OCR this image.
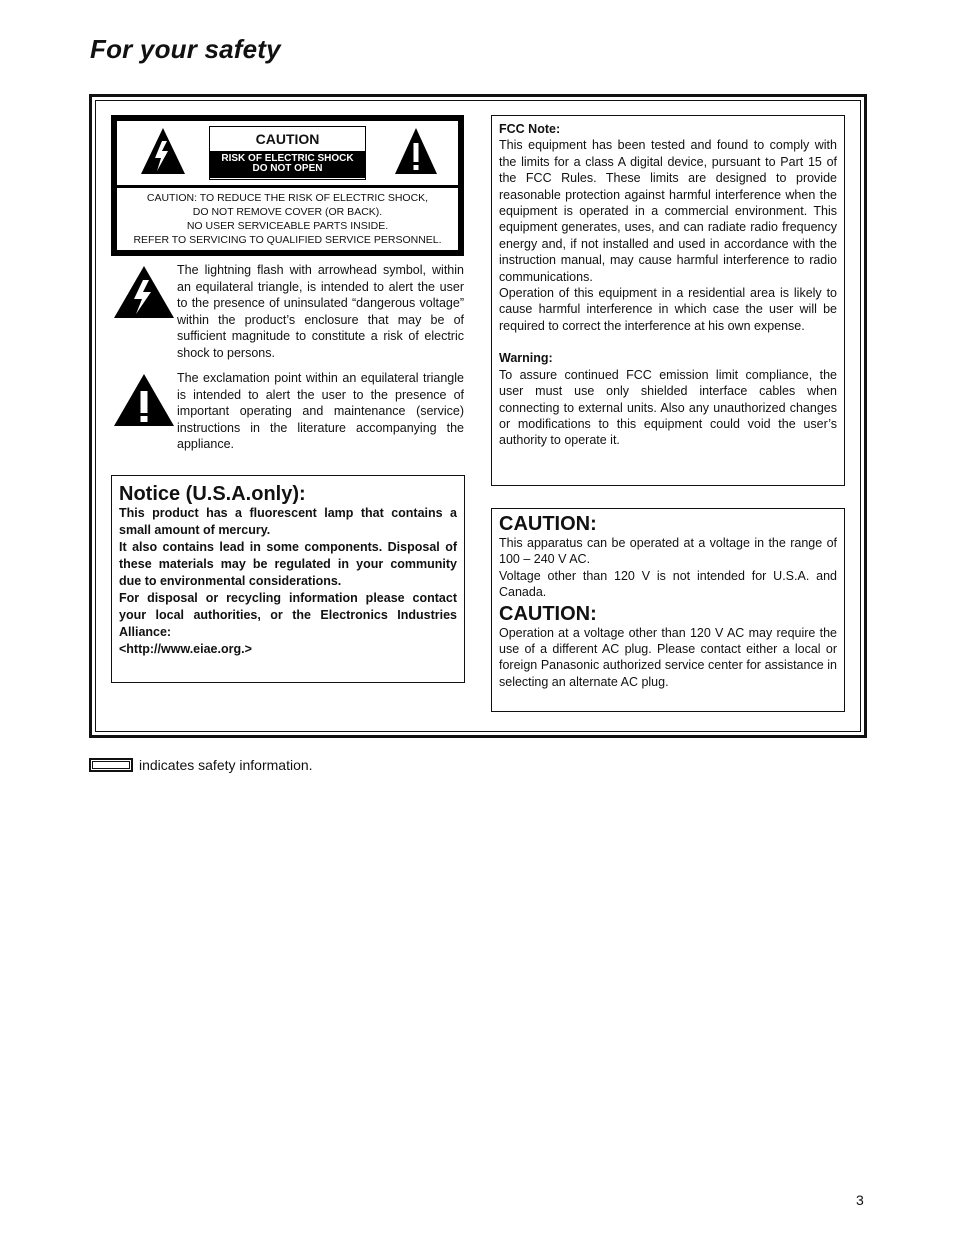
For your safety
CAUTION
RISK OF ELECTRIC SHOCK
DO NOT OPEN
CAUTION: TO REDUCE THE RISK OF ELECTRIC SHOCK,
DO NOT REMOVE COVER (OR BACK).
NO USER SERVICEABLE PARTS INSIDE.
REFER TO SERVICING TO QUALIFIED SERVICE PERSONNEL.

The lightning flash with arrowhead symbol, within an equilateral triangle, is intended to alert the user to the presence of uninsulated “dangerous voltage” within the product’s enclosure that may be of sufficient magnitude to constitute a risk of electric shock to persons.

The exclamation point within an equilateral triangle is intended to alert the user to the presence of important operating and maintenance (service) instructions in the literature accompanying the appliance.

Notice (U.S.A.only):

This product has a fluorescent lamp that contains a small amount of mercury.

It also contains lead in some components. Disposal of these materials may be regulated in your community due to environmental considerations.

For disposal or recycling information please contact your local authorities, or the Electronics Industries Alliance:

<http://www.eiae.org.>

FCC Note:

This equipment has been tested and found to comply with the limits for a class A digital device, pursuant to Part 15 of the FCC Rules. These limits are designed to provide reasonable protection against harmful interference when the equipment is operated in a commercial environment. This equipment generates, uses, and can radiate radio frequency energy and, if not installed and used in accordance with the instruction manual, may cause harmful interference to radio communications.

Operation of this equipment in a residential area is likely to cause harmful interference in which case the user will be required to correct the interference at his own expense.

Warning:

To assure continued FCC emission limit compliance, the user must use only shielded interface cables when connecting to external units. Also any unauthorized changes or modifications to this equipment could void the user’s authority to operate it.

CAUTION:

This apparatus can be operated at a voltage in the range of 100 – 240 V AC.

Voltage other than 120 V is not intended for U.S.A. and Canada.

CAUTION:

Operation at a voltage other than 120 V AC may require the use of a different AC plug. Please contact either a local or foreign Panasonic authorized service center for assistance in selecting an alternate AC plug.

indicates safety information.
3
